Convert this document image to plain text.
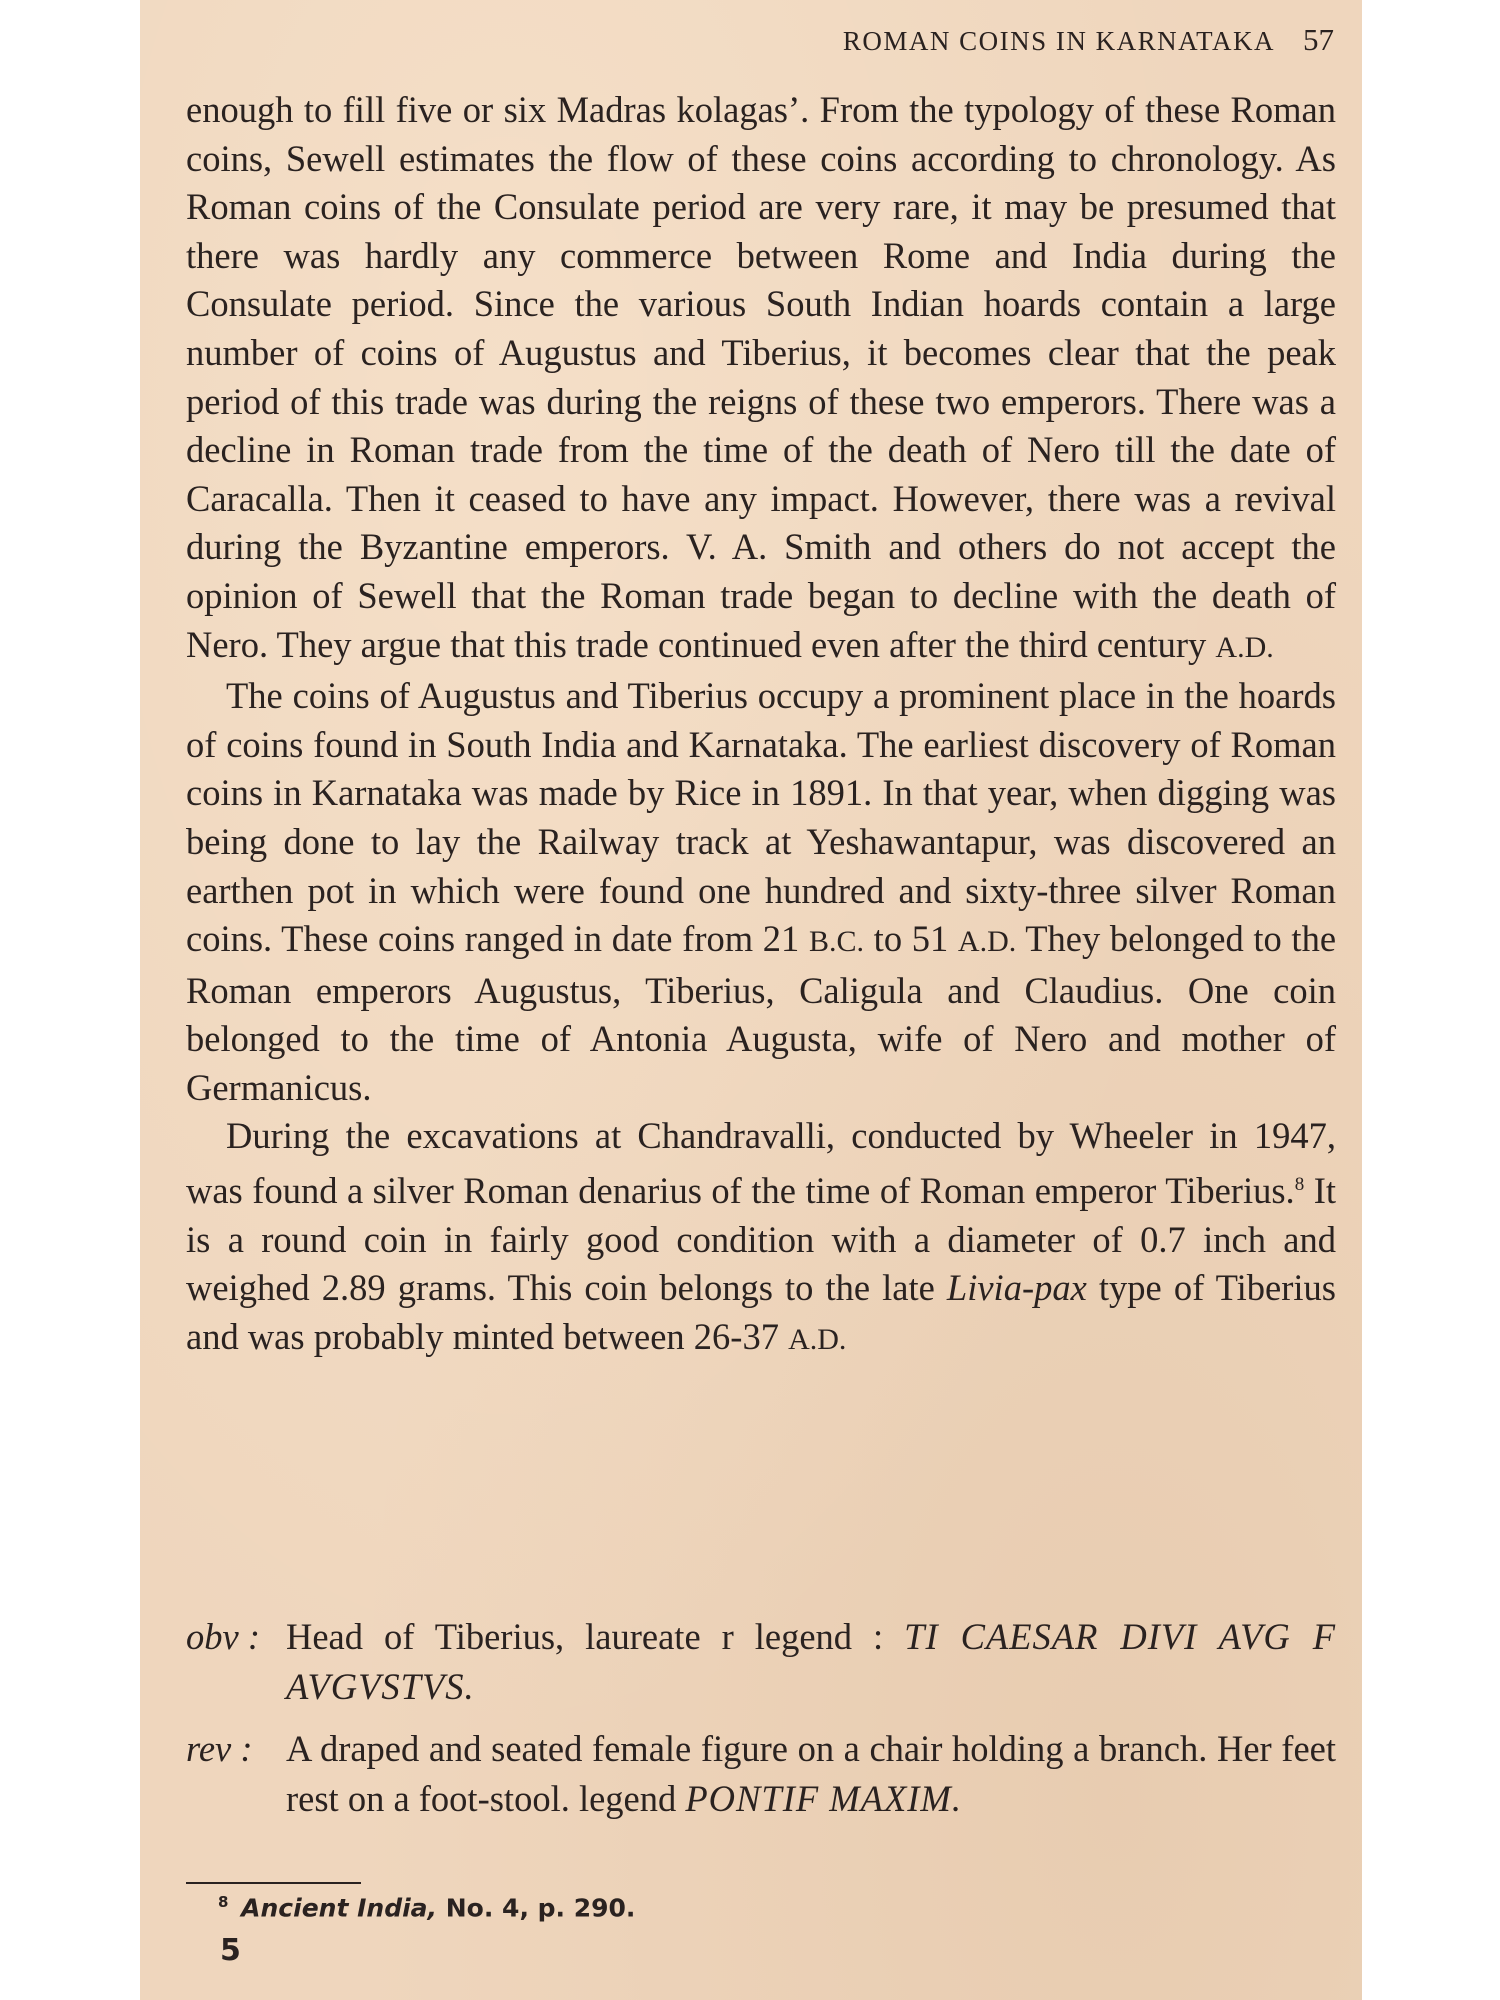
ROMAN COINS IN KARNATAKA 57

enough to fill five or six Madras kolagas’. From the typology of these Roman coins, Sewell estimates the flow of these coins according to chronology. As Roman coins of the Consulate period are very rare, it may be presumed that there was hardly any commerce between Rome and India during the Consulate period. Since the various South Indian hoards contain a large number of coins of Augustus and Tiberius, it becomes clear that the peak period of this trade was during the reigns of these two emperors. There was a decline in Roman trade from the time of the death of Nero till the date of Caracalla. Then it ceased to have any impact. However, there was a revival during the Byzantine emperors. V. A. Smith and others do not accept the opinion of Sewell that the Roman trade began to decline with the death of Nero. They argue that this trade continued even after the third century A.D.

The coins of Augustus and Tiberius occupy a prominent place in the hoards of coins found in South India and Karnataka. The earliest discovery of Roman coins in Karnataka was made by Rice in 1891. In that year, when digging was being done to lay the Railway track at Yeshawantapur, was discovered an earthen pot in which were found one hundred and sixty-three silver Roman coins. These coins ranged in date from 21 B.C. to 51 A.D. They belonged to the Roman emperors Augustus, Tiberius, Caligula and Claudius. One coin belonged to the time of Antonia Augusta, wife of Nero and mother of Germanicus.

During the excavations at Chandravalli, conducted by Wheeler in 1947, was found a silver Roman denarius of the time of Roman emperor Tiberius.$^8$ It is a round coin in fairly good condition with a diameter of 0.7 inch and weighed 2.89 grams. This coin belongs to the late Livia-pax type of Tiberius and was probably minted between 26-37 A.D.

obv : Head of Tiberius, laureate r legend : TI CAESAR DIVI AVG F AVGVSTVS.
rev : A draped and seated female figure on a chair holding a branch. Her feet rest on a foot-stool. legend PONTIF MAXIM.
$^8$ Ancient India, No. 4, p. 290.
5
